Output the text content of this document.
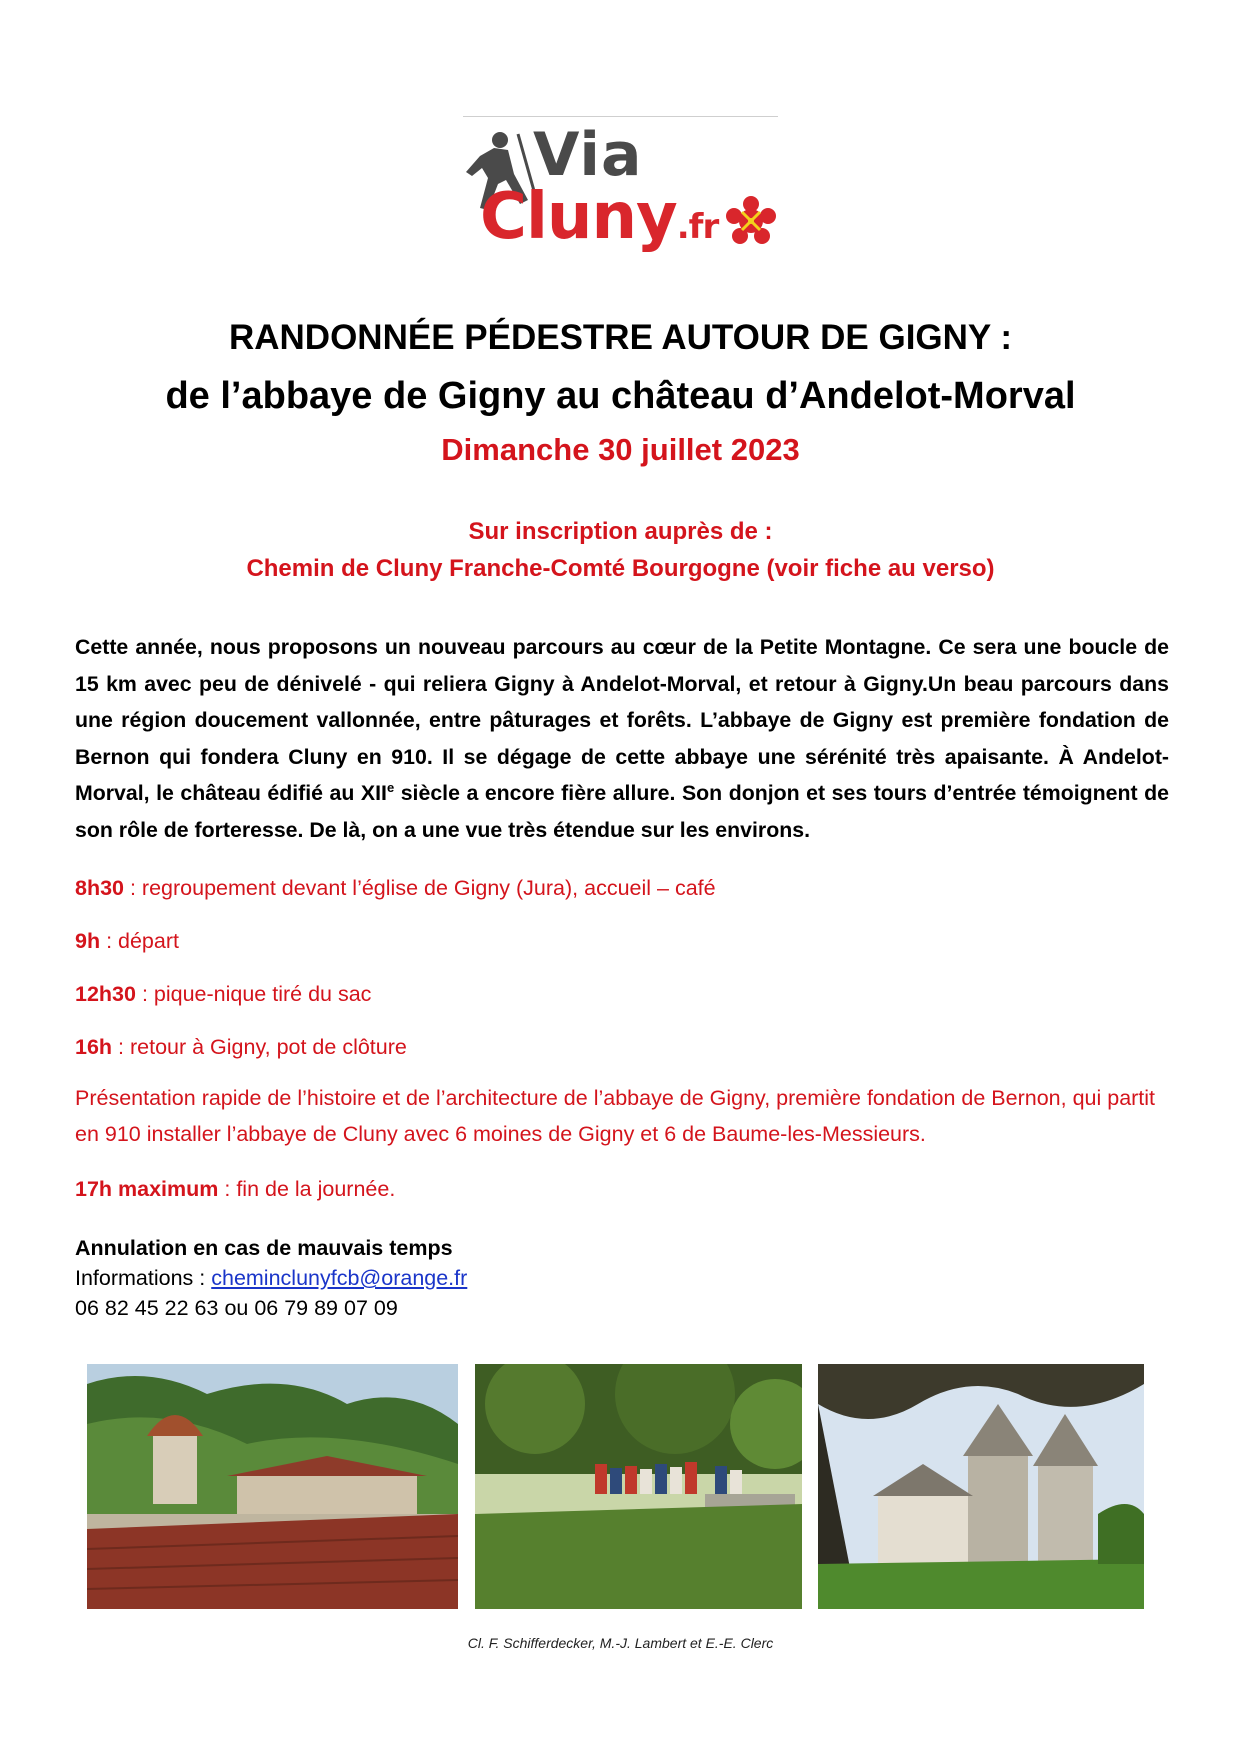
Via
Cluny.fr
RANDONNÉE PÉDESTRE AUTOUR DE GIGNY :
de l’abbaye de Gigny au château d’Andelot-Morval
Dimanche 30 juillet 2023
Sur inscription auprès de :
Chemin de Cluny Franche-Comté Bourgogne (voir fiche au verso)
Cette année, nous proposons un nouveau parcours au cœur de la Petite Montagne. Ce sera une boucle de 15 km avec peu de dénivelé - qui reliera Gigny à Andelot-Morval, et retour à Gigny.Un beau parcours dans une région doucement vallonnée, entre pâturages et forêts. L’abbaye de Gigny est première fondation de Bernon qui fondera Cluny en 910. Il se dégage de cette abbaye une sérénité très apaisante. À Andelot-Morval, le château édifié au XIIe siècle a encore fière allure. Son donjon et ses tours d’entrée témoignent de son rôle de forteresse. De là, on a une vue très étendue sur les environs.
8h30 : regroupement devant l’église de Gigny (Jura), accueil – café
9h : départ
12h30 : pique-nique tiré du sac
16h : retour à Gigny, pot de clôture
Présentation rapide de l’histoire et de l’architecture de l’abbaye de Gigny, première fondation de Bernon, qui partit en 910 installer l’abbaye de Cluny avec 6 moines de Gigny et 6 de Baume-les-Messieurs.
17h maximum : fin de la journée.
Annulation en cas de mauvais temps
Informations : cheminclunyfcb@orange.fr
06 82 45 22 63 ou 06 79 89 07 09
Cl. F. Schifferdecker, M.-J. Lambert et E.-E. Clerc
